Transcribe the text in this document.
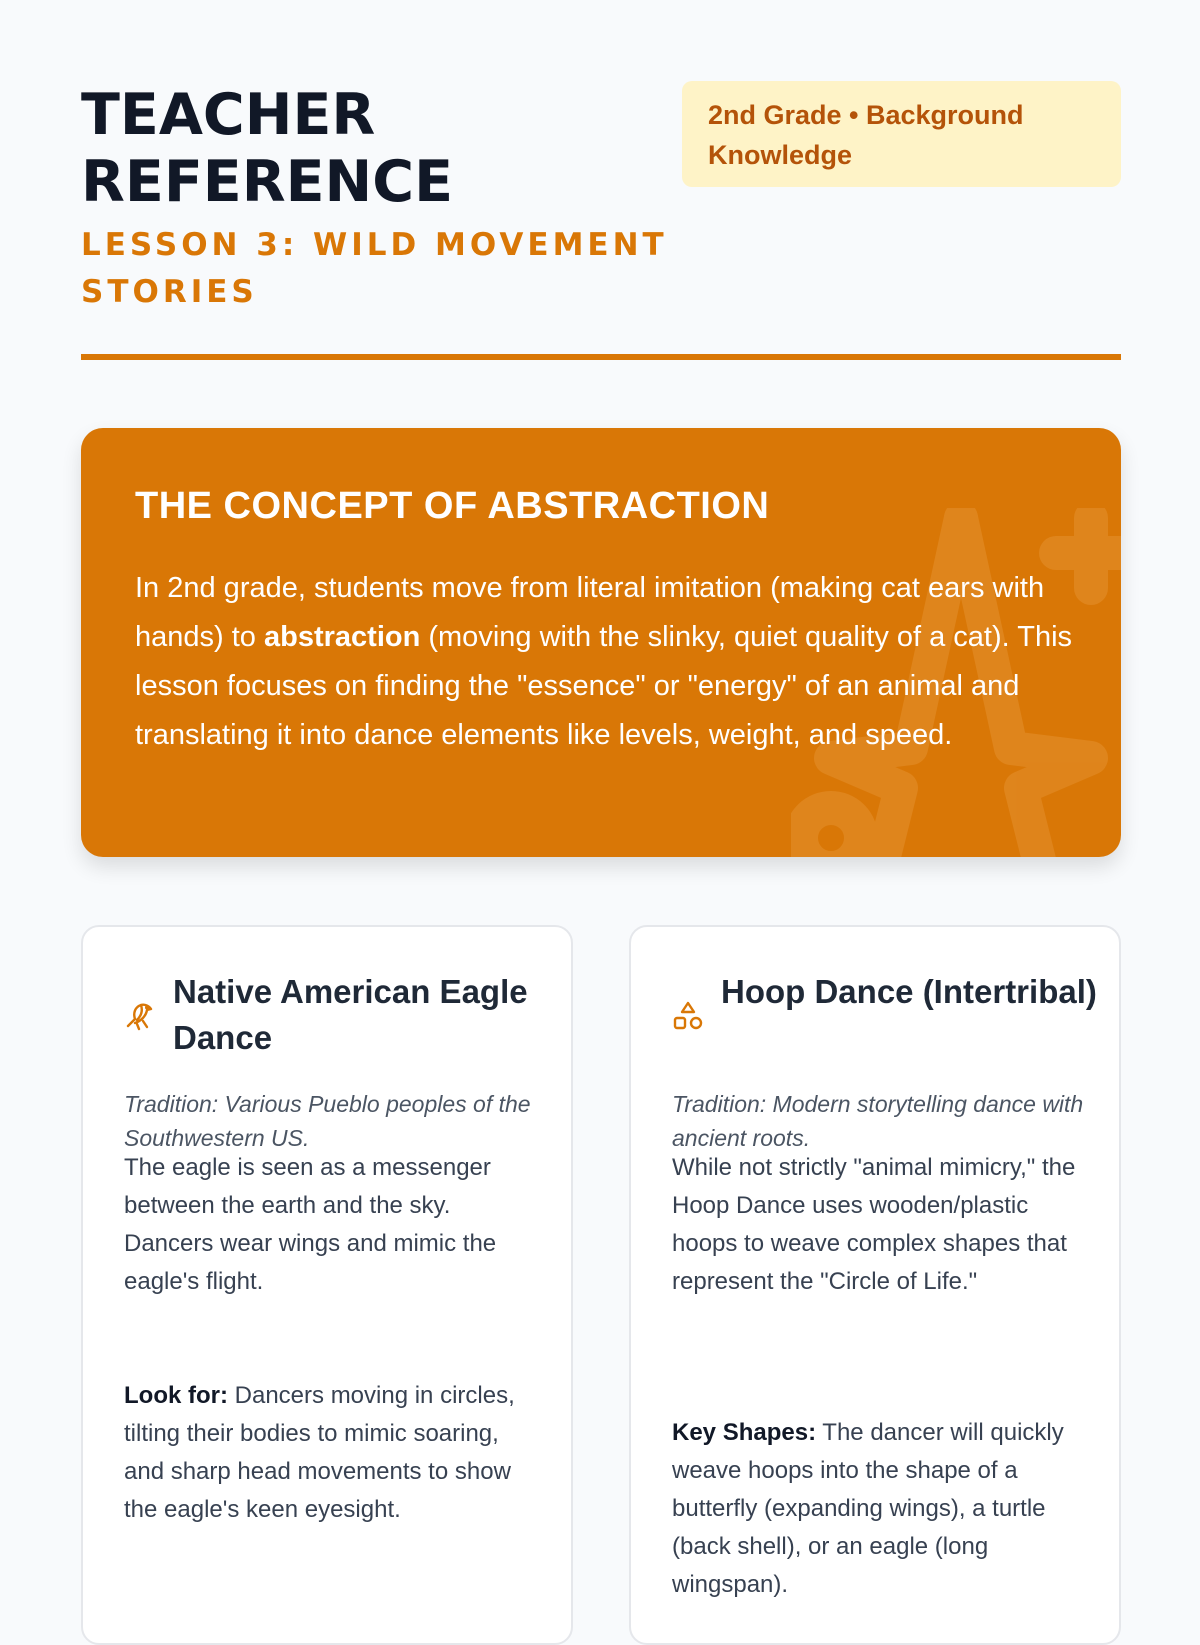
TEACHER REFERENCE
LESSON 3: WILD MOVEMENT STORIES
2nd Grade • Background Knowledge
THE CONCEPT OF ABSTRACTION

In 2nd grade, students move from literal imitation (making cat ears with hands) to abstraction (moving with the slinky, quiet quality of a cat). This lesson focuses on finding the "essence" or "energy" of an animal and translating it into dance elements like levels, weight, and speed.

Native American Eagle Dance

Tradition: Various Pueblo peoples of the Southwestern US.

The eagle is seen as a messenger between the earth and the sky. Dancers wear wings and mimic the eagle's flight.

Look for: Dancers moving in circles, tilting their bodies to mimic soaring, and sharp head movements to show the eagle's keen eyesight.

Hoop Dance (Intertribal)

Tradition: Modern storytelling dance with ancient roots.

While not strictly "animal mimicry," the Hoop Dance uses wooden/plastic hoops to weave complex shapes that represent the "Circle of Life."

Key Shapes: The dancer will quickly weave hoops into the shape of a butterfly (expanding wings), a turtle (back shell), or an eagle (long wingspan).
